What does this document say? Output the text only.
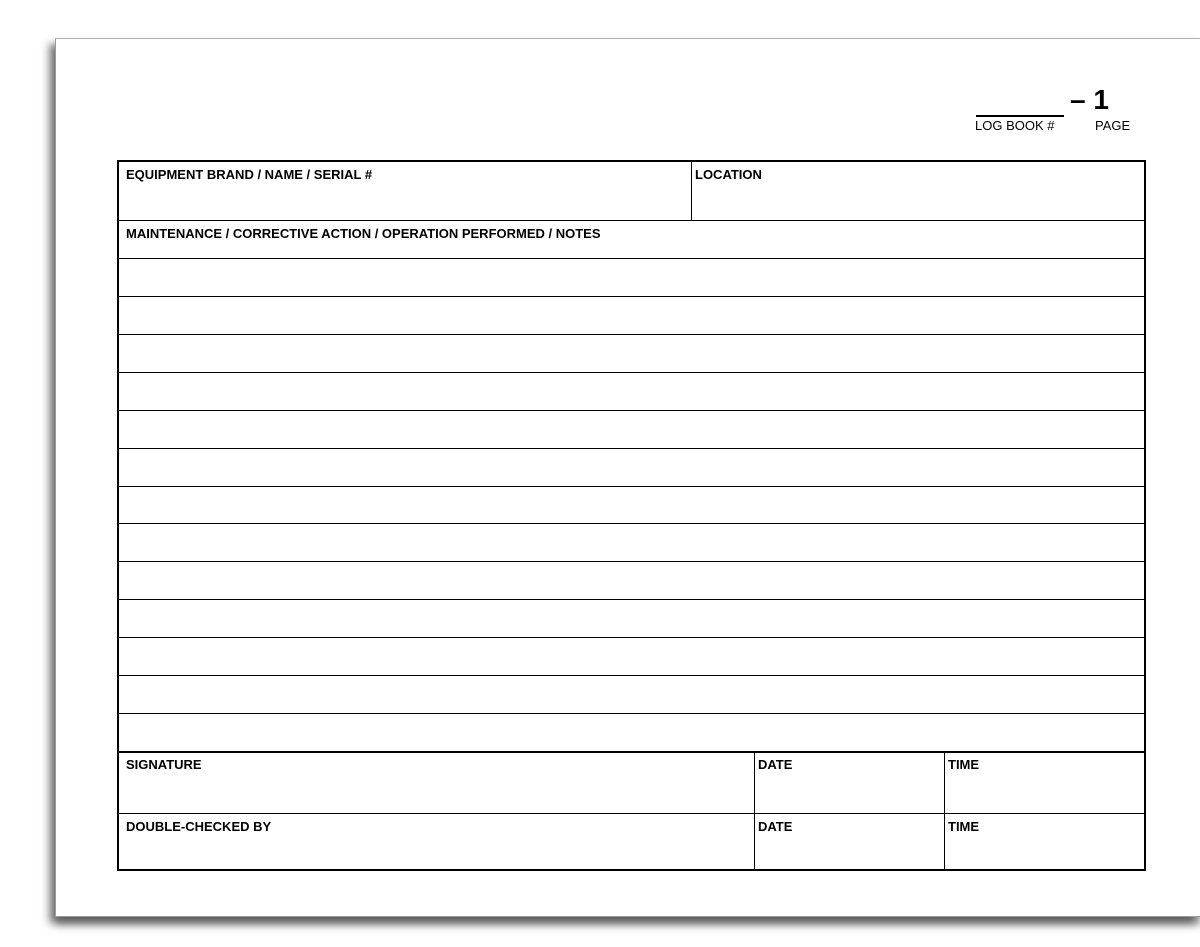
LOG BOOK #
– 1
PAGE
EQUIPMENT BRAND / NAME / SERIAL #	LOCATION
MAINTENANCE / CORRECTIVE ACTION / OPERATION PERFORMED / NOTES
SIGNATURE	DATE	TIME
DOUBLE-CHECKED BY	DATE	TIME
